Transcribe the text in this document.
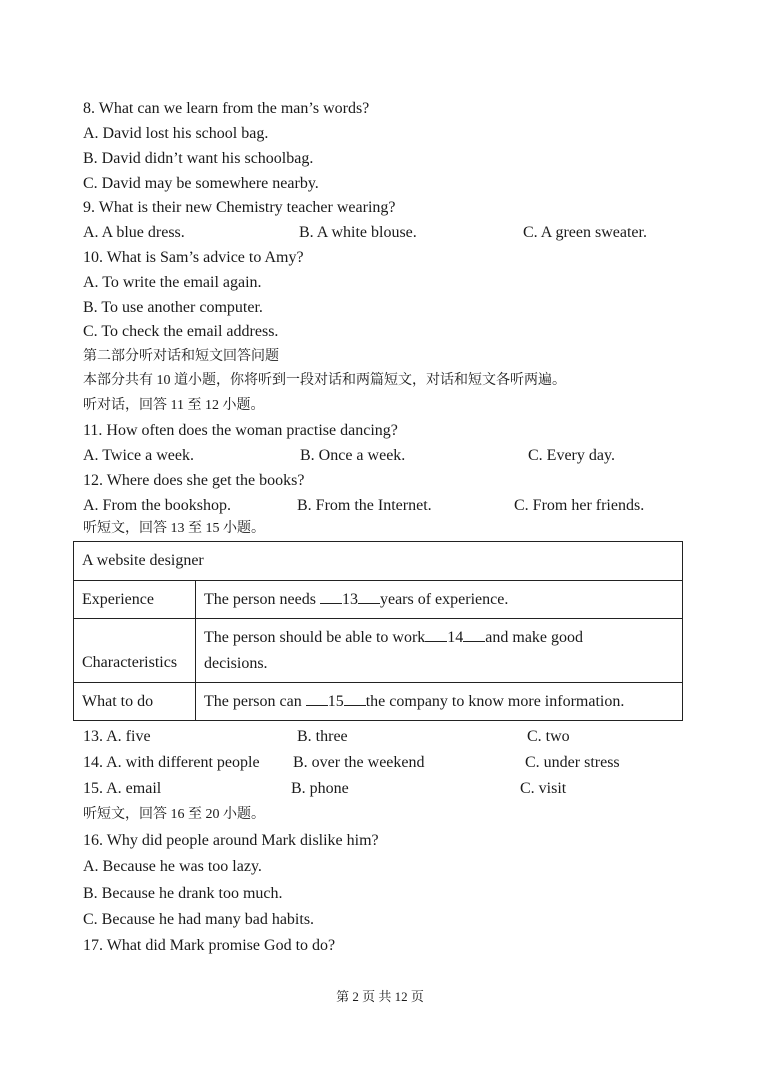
8. What can we learn from the man’s words?
A. David lost his school bag.
B. David didn’t want his schoolbag.
C. David may be somewhere nearby.
9. What is their new Chemistry teacher wearing?
A. A blue dress.	B. A white blouse.	C. A green sweater.
10. What is Sam’s advice to Amy?
A. To write the email again.
B. To use another computer.
C. To check the email address.
第二部分听对话和短文回答问题
本部分共有 10 道小题，你将听到一段对话和两篇短文，对话和短文各听两遍。
听对话，回答 11 至 12 小题。
11. How often does the woman practise dancing?
A. Twice a week.	B. Once a week.	C. Every day.
12. Where does she get the books?
A. From the bookshop.	B. From the Internet.	C. From her friends.
听短文，回答 13 至 15 小题。
A website designer	
Experience	The person needs 13 years of experience.
Characteristics	The person should be able to work 14 and make good
decisions.
What to do	The person can 15 the company to know more information.
13. A. five	B. three	C. two
14. A. with different people B. over the weekend	C. under stress
15. A. email	B. phone	C. visit
听短文，回答 16 至 20 小题。
16. Why did people around Mark dislike him?
A. Because he was too lazy.
B. Because he drank too much.
C. Because he had many bad habits.
17. What did Mark promise God to do?
第 2 页 共 12 页
